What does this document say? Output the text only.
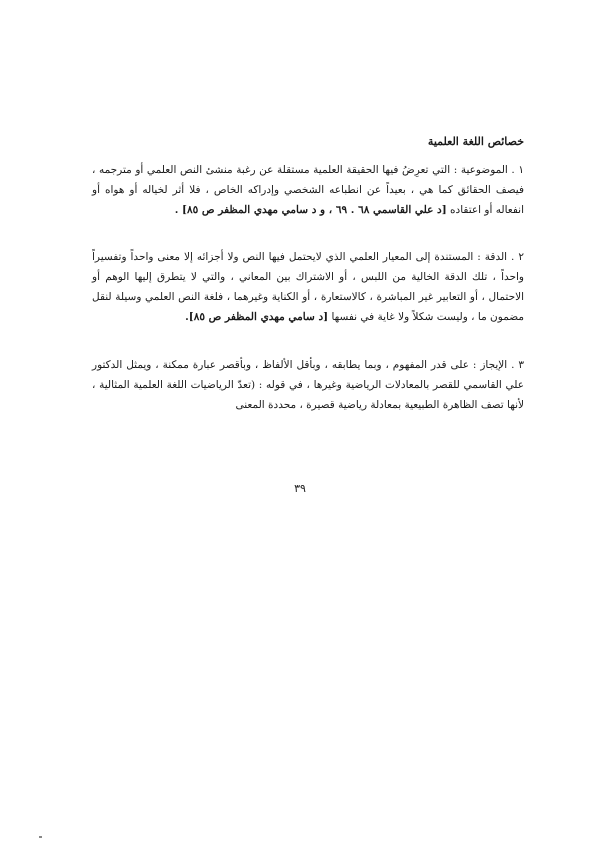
خصائص اللغة العلمية

١ . الموضوعية : التي تعرِضُ فيها الحقيقة العلمية مستقلة عن رغبة منشئ النص العلمي أو مترجمه ، فيصف الحقائق كما هي ، بعيداً عن انطباعه الشخصي وإدراكه الخاص ، فلا أثر لخياله أو هواه أو انفعاله أو اعتقاده [د علي القاسمي ٦٨ . ٦٩ ، و د سامي مهدي المظفر ص ٨٥] .

٢ . الدقة : المستندة إلى المعيار العلمي الذي لايحتمل فيها النص ولا أجزائه إلا معنى واحداً وتفسيراً واحداً ، تلك الدقة الخالية من اللبس ، أو الاشتراك بين المعاني ، والتي لا يتطرق إليها الوهم أو الاحتمال ، أو التعابير غير المباشرة ، كالاستعارة ، أو الكناية وغيرهما ، فلغة النص العلمي وسيلة لنقل مضمون ما ، وليست شكلاً ولا غاية في نفسها [د سامي مهدي المظفر ص ٨٥].

٣ . الإيجاز : على قدر المفهوم ، وبما يطابقه ، وبأقل الألفاظ ، وبأقصر عبارة ممكنة ، ويمثل الدكتور علي القاسمي للقصر بالمعادلات الرياضية وغيرها ، في قوله : (تعدّ الرياضيات اللغة العلمية المثالية ، لأنها تصف الظاهرة الطبيعية بمعادلة رياضية قصيرة ، محددة المعنى

٣٩
